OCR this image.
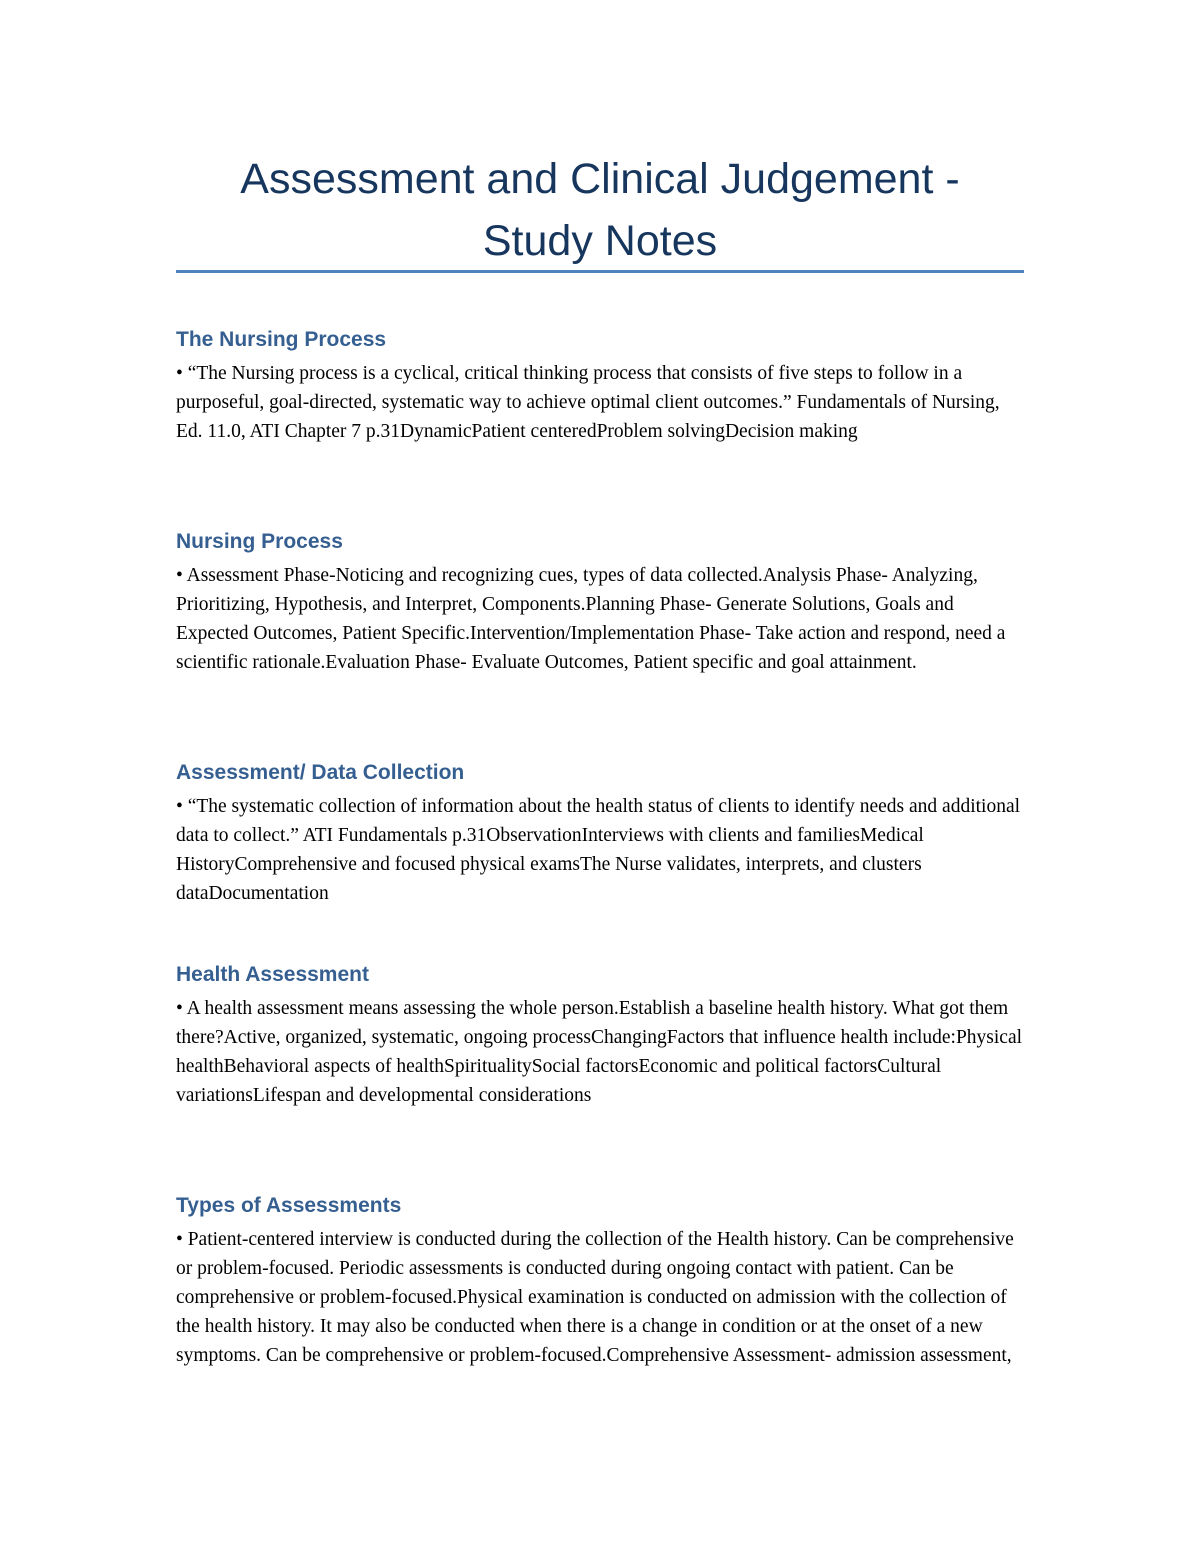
Assessment and Clinical Judgement -
Study Notes
The Nursing Process

• “The Nursing process is a cyclical, critical thinking process that consists of five steps to follow in a purposeful, goal-directed, systematic way to achieve optimal client outcomes.” Fundamentals of Nursing, Ed. 11.0, ATI Chapter 7 p.31DynamicPatient centeredProblem solvingDecision making

Nursing Process

• Assessment Phase-Noticing and recognizing cues, types of data collected.Analysis Phase- Analyzing, Prioritizing, Hypothesis, and Interpret, Components.Planning Phase- Generate Solutions, Goals and Expected Outcomes, Patient Specific.Intervention/Implementation Phase- Take action and respond, need a scientific rationale.Evaluation Phase- Evaluate Outcomes, Patient specific and goal attainment.

Assessment/ Data Collection

• “The systematic collection of information about the health status of clients to identify needs and additional data to collect.” ATI Fundamentals p.31ObservationInterviews with clients and familiesMedical HistoryComprehensive and focused physical examsThe Nurse validates, interprets, and clusters dataDocumentation

Health Assessment

• A health assessment means assessing the whole person.Establish a baseline health history. What got them there?Active, organized, systematic, ongoing processChangingFactors that influence health include:Physical healthBehavioral aspects of healthSpiritualitySocial factorsEconomic and political factorsCultural variationsLifespan and developmental considerations

Types of Assessments

• Patient-centered interview is conducted during the collection of the Health history. Can be comprehensive or problem-focused. Periodic assessments is conducted during ongoing contact with patient. Can be comprehensive or problem-focused.Physical examination is conducted on admission with the collection of the health history. It may also be conducted when there is a change in condition or at the onset of a new symptoms. Can be comprehensive or problem-focused.Comprehensive Assessment- admission assessment,
